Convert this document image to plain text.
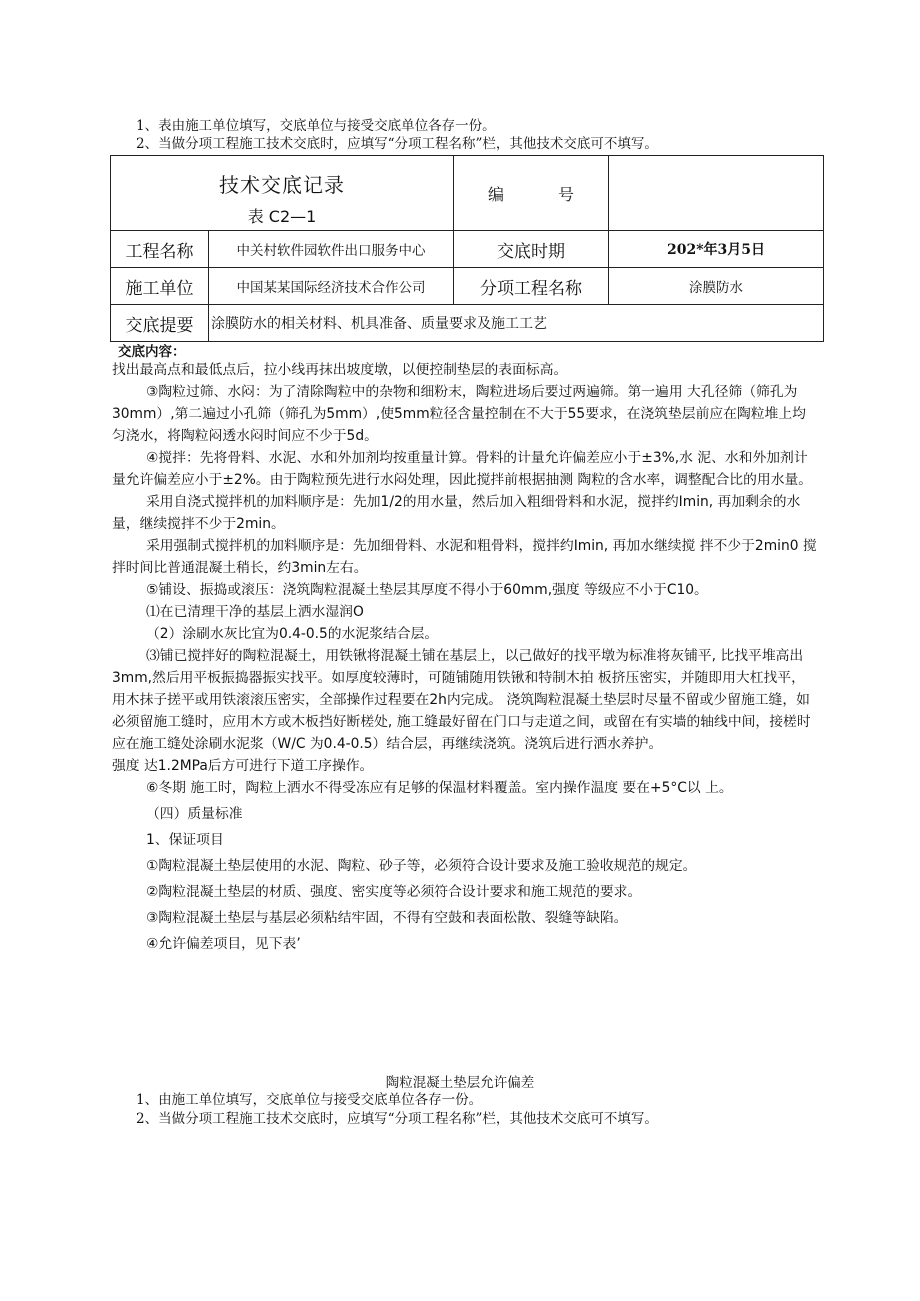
1、表由施工单位填写，交底单位与接受交底单位各存一份。
2、当做分项工程施工技术交底时，应填写“分项工程名称”栏，其他技术交底可不填写。
技术交底记录
表 C2—1		编 号	
工程名称	中关村软件园软件出口服务中心	交底时期	202*年3月5日
施工单位	中国某某国际经济技术合作公司	分项工程名称	涂膜防水
交底提要	涂膜防水的相关材料、机具准备、质量要求及施工工艺		
交底内容：

找出最高点和最低点后，拉小线再抹出坡度墩，以便控制垫层的表面标高。

③陶粒过筛、水闷：为了清除陶粒中的杂物和细粉末，陶粒进场后要过两遍筛。第一遍用 大孔径筛（筛孔为30mm）,第二遍过小孔筛（筛孔为5mm）,使5mm粒径含量控制在不大于55要求，在浇筑垫层前应在陶粒堆上均匀浇水，将陶粒闷透水闷时间应不少于5d。

④搅拌：先将骨料、水泥、水和外加剂均按重量计算。骨料的计量允许偏差应小于±3%,水 泥、水和外加剂计量允许偏差应小于±2%。由于陶粒预先进行水闷处理，因此搅拌前根据抽测 陶粒的含水率，调整配合比的用水量。

采用自浇式搅拌机的加料顺序是：先加1/2的用水量，然后加入粗细骨料和水泥，搅拌约Imin, 再加剩余的水量，继续搅拌不少于2min。

采用强制式搅拌机的加料顺序是：先加细骨料、水泥和粗骨料，搅拌约Imin, 再加水继续搅 拌不少于2min0 搅拌时间比普通混凝土稍长，约3min左右。

⑤铺设、振捣或滚压：浇筑陶粒混凝土垫层其厚度不得小于60mm,强度 等级应不小于C10。

⑴在已清理干净的基层上洒水湿润O

（2）涂刷水灰比宜为0.4-0.5的水泥浆结合层。

⑶铺已搅拌好的陶粒混凝土，用铁锹将混凝土铺在基层上，以己做好的找平墩为标准将灰铺平, 比找平堆高出3mm,然后用平板振捣器振实找平。如厚度较薄时，可随铺随用铁锹和特制木拍 板挤压密实，并随即用大杠找平，用木抹子搓平或用铁滚滚压密实，全部操作过程要在2h内完成。 浇筑陶粒混凝土垫层时尽量不留或少留施工缝，如必须留施工缝时，应用木方或木板挡好断槎处, 施工缝最好留在门口与走道之间，或留在有实墙的轴线中间，接槎时应在施工缝处涂刷水泥浆（W/C 为0.4-0.5）结合层，再继续浇筑。浇筑后进行洒水养护。

强度 达1.2MPa后方可进行下道工序操作。

⑥冬期 施工时，陶粒上洒水不得受冻应有足够的保温材料覆盖。室内操作温度 要在+5°C以 上。

（四）质量标准

1、保证项目

①陶粒混凝土垫层使用的水泥、陶粒、砂子等，必须符合设计要求及施工验收规范的规定。

②陶粒混凝土垫层的材质、强度、密实度等必须符合设计要求和施工规范的要求。

③陶粒混凝土垫层与基层必须粘结牢固，不得有空鼓和表面松散、裂缝等缺陷。

④允许偏差项目，见下表’

陶粒混凝土垫层允许偏差
1、由施工单位填写，交底单位与接受交底单位各存一份。
2、当做分项工程施工技术交底时，应填写“分项工程名称”栏，其他技术交底可不填写。
